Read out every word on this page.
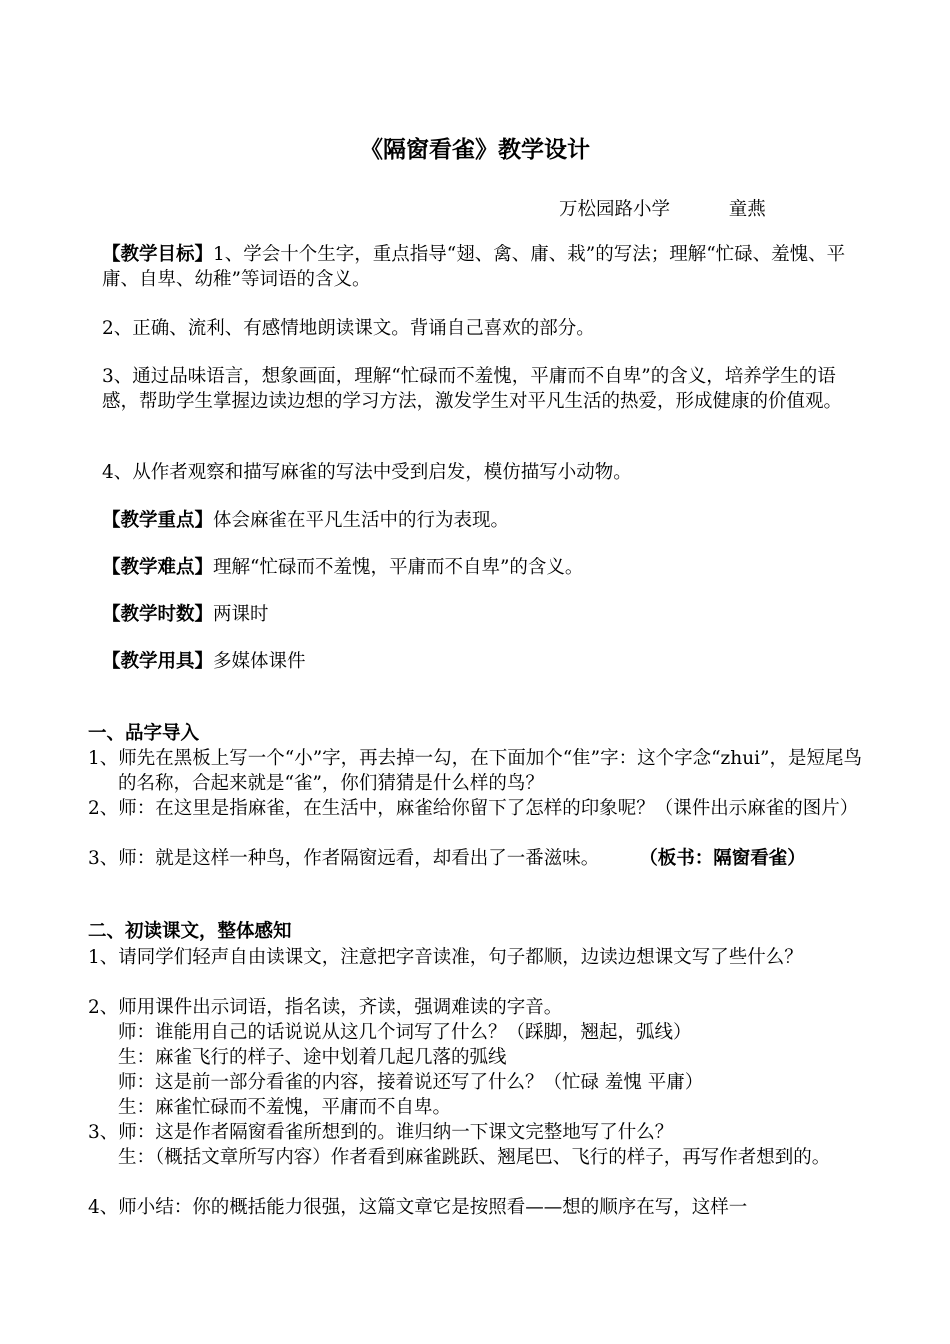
《隔窗看雀》教学设计
万松园路小学          童燕
【教学目标】1、学会十个生字，重点指导“翅、禽、庸、栽”的写法；理解“忙碌、羞愧、平庸、自卑、幼稚”等词语的含义。
2、正确、流利、有感情地朗读课文。背诵自己喜欢的部分。
3、通过品味语言，想象画面，理解“忙碌而不羞愧，平庸而不自卑”的含义，培养学生的语感，帮助学生掌握边读边想的学习方法，激发学生对平凡生活的热爱，形成健康的价值观。
4、从作者观察和描写麻雀的写法中受到启发，模仿描写小动物。
【教学重点】体会麻雀在平凡生活中的行为表现。
【教学难点】理解“忙碌而不羞愧，平庸而不自卑”的含义。
【教学时数】两课时
【教学用具】多媒体课件
一、品字导入
1、师先在黑板上写一个“小”字，再去掉一勾，在下面加个“隹”字：这个字念“zhui”，是短尾鸟的名称，合起来就是“雀”，你们猜猜是什么样的鸟？
2、师：在这里是指麻雀，在生活中，麻雀给你留下了怎样的印象呢？（课件出示麻雀的图片）
3、师：就是这样一种鸟，作者隔窗远看，却看出了一番滋味。 （板书：隔窗看雀）
二、初读课文，整体感知
1、请同学们轻声自由读课文，注意把字音读准，句子都顺，边读边想课文写了些什么？
2、师用课件出示词语，指名读，齐读，强调难读的字音。
师：谁能用自己的话说说从这几个词写了什么？（踩脚，翘起，弧线）
生：麻雀飞行的样子、途中划着几起几落的弧线
师：这是前一部分看雀的内容，接着说还写了什么？（忙碌 羞愧 平庸）
生：麻雀忙碌而不羞愧，平庸而不自卑。
3、师：这是作者隔窗看雀所想到的。谁归纳一下课文完整地写了什么？
生：（概括文章所写内容）作者看到麻雀跳跃、翘尾巴、飞行的样子，再写作者想到的。
4、师小结：你的概括能力很强，这篇文章它是按照看——想的顺序在写，这样一
